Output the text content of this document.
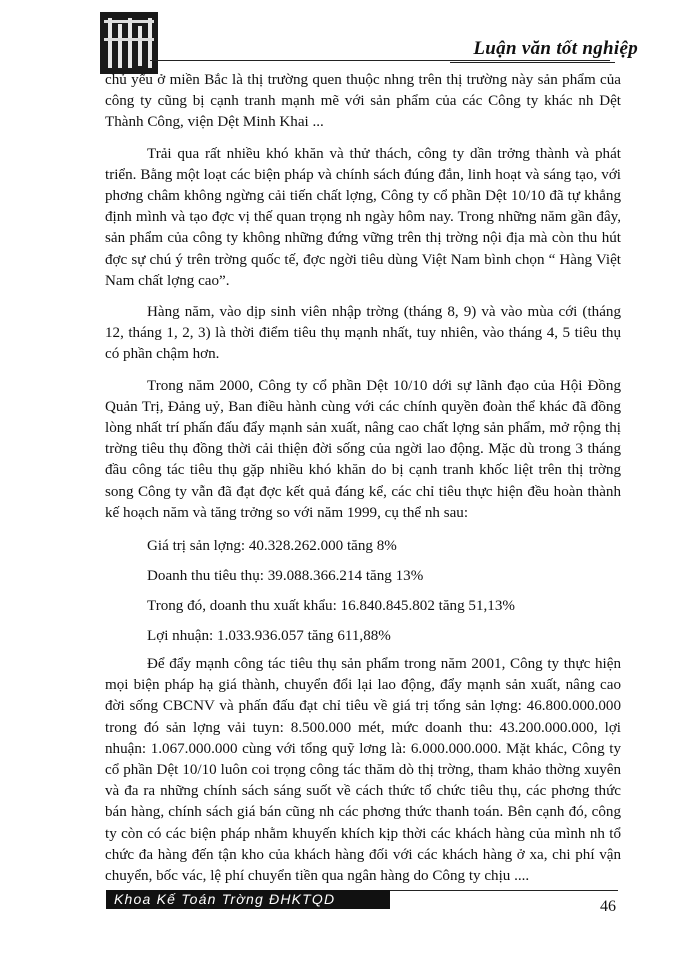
Luận văn tốt nghiệp

chủ yếu ở miền Bắc là thị trường quen thuộc nhng trên thị trường này sản phẩm của công ty cũng bị cạnh tranh mạnh mẽ với sản phẩm của các Công ty khác nh Dệt Thành Công, viện Dệt Minh Khai ...

Trải qua rất nhiều khó khăn và thử thách, công ty dần trởng thành và phát triển. Bằng một loạt các biện pháp và chính sách đúng đắn, linh hoạt và sáng tạo, với phơng châm không ngừng cải tiến chất lợng, Công ty cổ phần Dệt 10/10 đã tự khẳng định mình và tạo đợc vị thế quan trọng nh ngày hôm nay. Trong những năm gần đây, sản phẩm của công ty không những đứng vững trên thị trờng nội địa mà còn thu hút đợc sự chú ý trên trờng quốc tế, đợc ngời tiêu dùng Việt Nam bình chọn “ Hàng Việt Nam chất lợng cao”.

Hàng năm, vào dịp sinh viên nhập trờng (tháng 8, 9) và vào mùa cới (tháng 12, tháng 1, 2, 3) là thời điểm tiêu thụ mạnh nhất, tuy nhiên, vào tháng 4, 5 tiêu thụ có phần chậm hơn.

Trong năm 2000, Công ty cổ phần Dệt 10/10 dới sự lãnh đạo của Hội Đồng Quản Trị, Đảng uỷ, Ban điều hành cùng với các chính quyền đoàn thể khác đã đồng lòng nhất trí phấn đấu đẩy mạnh sản xuất, nâng cao chất lợng sản phẩm, mở rộng thị trờng tiêu thụ đồng thời cải thiện đời sống của ngời lao động. Mặc dù trong 3 tháng đầu công tác tiêu thụ gặp nhiều khó khăn do bị cạnh tranh khốc liệt trên thị trờng song Công ty vẫn đã đạt đợc kết quả đáng kể, các chỉ tiêu thực hiện đều hoàn thành kế hoạch năm và tăng trởng so với năm 1999, cụ thể nh sau:

Giá trị sản lợng: 40.328.262.000 tăng 8%

Doanh thu tiêu thụ: 39.088.366.214 tăng 13%

Trong đó, doanh thu xuất khẩu: 16.840.845.802 tăng 51,13%

Lợi nhuận: 1.033.936.057 tăng 611,88%

Để đẩy mạnh công tác tiêu thụ sản phẩm trong năm 2001, Công ty thực hiện mọi biện pháp hạ giá thành, chuyển đổi lại lao động, đẩy mạnh sản xuất, nâng cao đời sống CBCNV và phấn đấu đạt chỉ tiêu về giá trị tổng sản lợng: 46.800.000.000 trong đó sản lợng vải tuyn: 8.500.000 mét, mức doanh thu: 43.200.000.000, lợi nhuận: 1.067.000.000 cùng với tổng quỹ lơng là: 6.000.000.000. Mặt khác, Công ty cổ phần Dệt 10/10 luôn coi trọng công tác thăm dò thị trờng, tham khảo thờng xuyên và đa ra những chính sách sáng suốt về cách thức tổ chức tiêu thụ, các phơng thức bán hàng, chính sách giá bán cũng nh các phơng thức thanh toán. Bên cạnh đó, công ty còn có các biện pháp nhằm khuyến khích kịp thời các khách hàng của mình nh tổ chức đa hàng đến tận kho của khách hàng đối với các khách hàng ở xa, chi phí vận chuyển, bốc vác, lệ phí chuyển tiền qua ngân hàng do Công ty chịu ....

Khoa Kế Toán Trờng ĐHKTQD	46
